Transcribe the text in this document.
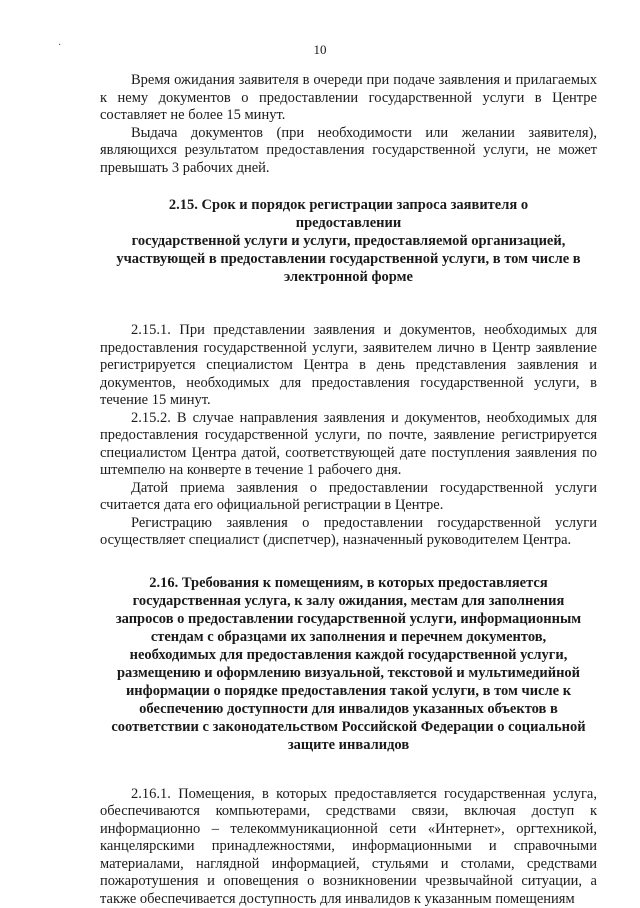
·	10

Время ожидания заявителя в очереди при подаче заявления и прилагаемых к нему документов о предоставлении государственной услуги в Центре составляет не более 15 минут.

Выдача документов (при необходимости или желании заявителя), являющихся результатом предоставления государственной услуги, не может превышать 3 рабочих дней.

2.15. Срок и порядок регистрации запроса заявителя о
предоставлении
государственной услуги и услуги, предоставляемой организацией,
участвующей в предоставлении государственной услуги, в том числе в
электронной форме

2.15.1. При представлении заявления и документов, необходимых для предоставления государственной услуги, заявителем лично в Центр заявление регистрируется специалистом Центра в день представления заявления и документов, необходимых для предоставления государственной услуги, в течение 15 минут.

2.15.2. В случае направления заявления и документов, необходимых для предоставления государственной услуги, по почте, заявление регистрируется специалистом Центра датой, соответствующей дате поступления заявления по штемпелю на конверте в течение 1 рабочего дня.

Датой приема заявления о предоставлении государственной услуги считается дата его официальной регистрации в Центре.

Регистрацию заявления о предоставлении государственной услуги осуществляет специалист (диспетчер), назначенный руководителем Центра.

2.16. Требования к помещениям, в которых предоставляется
государственная услуга, к залу ожидания, местам для заполнения
запросов о предоставлении государственной услуги, информационным
стендам с образцами их заполнения и перечнем документов,
необходимых для предоставления каждой государственной услуги,
размещению и оформлению визуальной, текстовой и мультимедийной
информации о порядке предоставления такой услуги, в том числе к
обеспечению доступности для инвалидов указанных объектов в
соответствии с законодательством Российской Федерации о социальной
защите инвалидов

2.16.1. Помещения, в которых предоставляется государственная услуга, обеспечиваются компьютерами, средствами связи, включая доступ к информационно – телекоммуникационной сети «Интернет», оргтехникой, канцелярскими принадлежностями, информационными и справочными материалами, наглядной информацией, стульями и столами, средствами пожаротушения и оповещения о возникновении чрезвычайной ситуации, а также обеспечивается доступность для инвалидов к указанным помещениям
